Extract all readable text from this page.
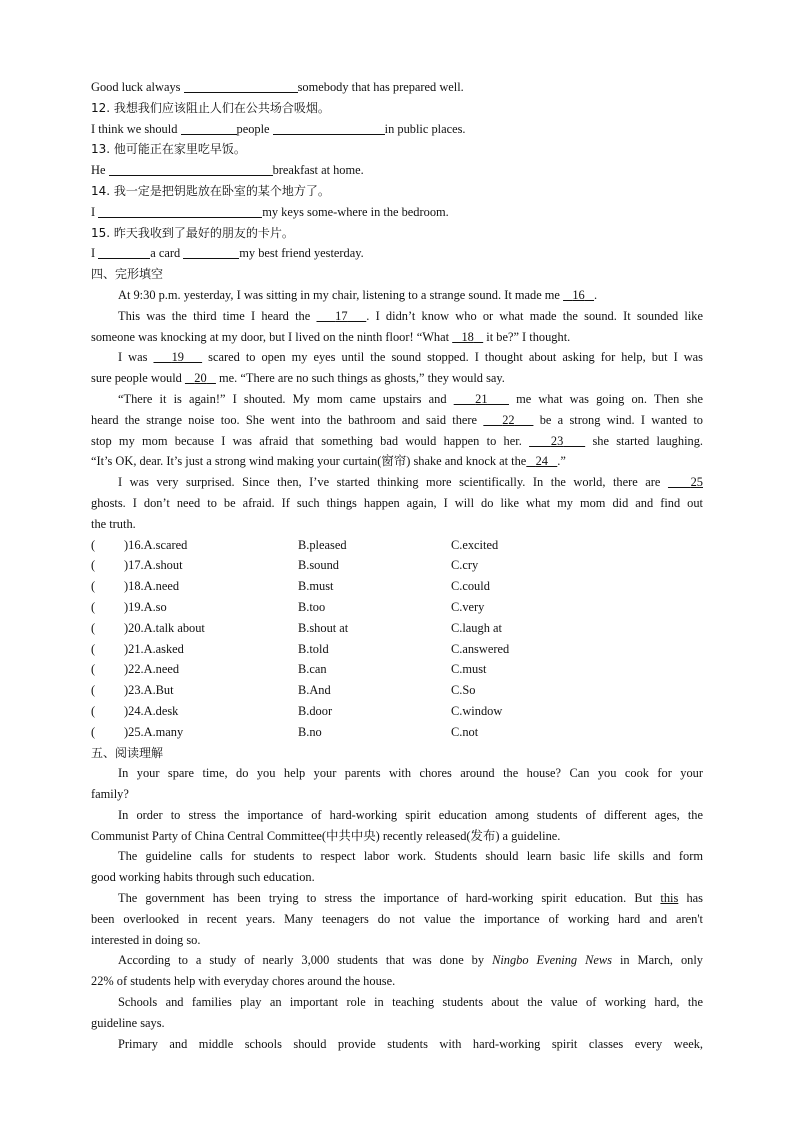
Good luck always	somebody that has prepared well.
12. 我想我们应该阻止人们在公共场合吸烟。
I think we should	people	in public places.
13. 他可能正在家里吃早饭。
He	breakfast at home.
14. 我一定是把钥匙放在卧室的某个地方了。
I	my keys some-where in the bedroom.
15. 昨天我收到了最好的朋友的卡片。
I	a card	my best friend yesterday.
四、完形填空
At 9:30 p.m. yesterday, I was sitting in my chair, listening to a strange sound. It made me 16 .
This was the third time I heard the 17 . I didn’t know who or what made the sound. It sounded like
someone was knocking at my door, but I lived on the ninth floor! “What 18 it be?” I thought.
I was 19 scared to open my eyes until the sound stopped. I thought about asking for help, but I was
sure people would 20 me. “There are no such things as ghosts,” they would say.
“There it is again!” I shouted. My mom came upstairs and 21 me what was going on. Then she
heard the strange noise too. She went into the bathroom and said there 22 be a strong wind. I wanted to
stop my mom because I was afraid that something bad would happen to her. 23 she started laughing.
“It’s OK, dear. It’s just a strong wind making your curtain(窗帘) shake and knock at the 24 .”
I was very surprised. Since then, I’ve started thinking more scientifically. In the world, there are 25
ghosts. I don’t need to be afraid. If such things happen again, I will do like what my mom did and find out
the truth.
( )16.A.scared	B.pleased	C.excited
( )17.A.shout	B.sound	C.cry
( )18.A.need	B.must	C.could
( )19.A.so	B.too	C.very
( )20.A.talk about	B.shout at	C.laugh at
( )21.A.asked	B.told	C.answered
( )22.A.need	B.can	C.must
( )23.A.But	B.And	C.So
( )24.A.desk	B.door	C.window
( )25.A.many	B.no	C.not
五、阅读理解
In your spare time, do you help your parents with chores around the house? Can you cook for your
family?
In order to stress the importance of hard-working spirit education among students of different ages, the
Communist Party of China Central Committee(中共中央) recently released(发布) a guideline.
The guideline calls for students to respect labor work. Students should learn basic life skills and form
good working habits through such education.
The government has been trying to stress the importance of hard-working spirit education. But this has
been overlooked in recent years. Many teenagers do not value the importance of working hard and aren't
interested in doing so.
According to a study of nearly 3,000 students that was done by Ningbo Evening News in March, only
22% of students help with everyday chores around the house.
Schools and families play an important role in teaching students about the value of working hard, the
guideline says.
Primary and middle schools should provide students with hard-working spirit classes every week,
